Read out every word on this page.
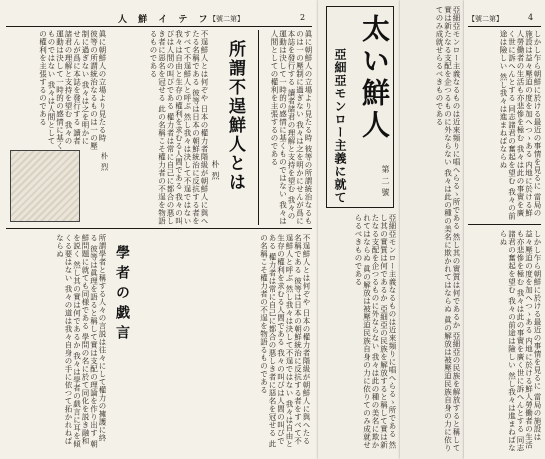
人 鮮 イ テ フ
【號二第】	2
眞に朝鮮人の立場より見たる時 彼等の所謂統治なるものは一の壓制に過ぎない 我々は之を明かにせんが爲に本誌を發行する 讀者諸君の理解と支持を望む 我々の運動は決して一時的の感情に基くものではない 我々は人間としての權利を主張するのである
所謂不逞鮮人とは
朴 烈
不逞鮮人とは何ぞや 日本の權力者階級が朝鮮人に與へたる名稱である 彼等は日本の朝鮮統治に反抗する者をすべて不逞鮮人と呼ぶ 然し我々は決して不逞ではない 我々は自由と生存の權利を求むる人間である 我々の叫びは人間の叫びである 權力者は常に自己に都合の悪しき者に惡名を冠せる 此の名稱こそ權力者の不逞を物語るものである
眞に朝鮮人の立場より見たる時 彼等の所謂統治なるものは一の壓制に過ぎない 我々は之を明かにせんが爲に本誌を發行する 讀者諸君の理解と支持を望む 我々の運動は決して一時的の感情に基くものではない 我々は人間としての權利を主張するのである
朴 烈
學者の戯言	不逞鮮人とは何ぞや 日本の權力者階級が朝鮮人に與へたる名稱である 彼等は日本の朝鮮統治に反抗する者をすべて不逞鮮人と呼ぶ 然し我々は決して不逞ではない 我々は自由と生存の權利を求むる人間である 我々の叫びは人間の叫びである 權力者は常に自己に都合の悪しき者に惡名を冠せる 此の名稱こそ權力者の不逞を物語るものである
所謂學者と稱する人々の言説は往々にして權力の擁護に終る 彼等は眞理を語ると稱して實は支配の理論を作り出す 朝鮮問題に就ても同様である 學問の名に於て同化を説き融和を説く 然し其の實は何であるか 我々は學者の戯言に耳を傾くる要はない 我々の道は我々自身の手に依つて拓かれねばならぬ
太い鮮人
亞細亞モンロー主義に就て	第 二 號
亞細亞モンロー主義なるものは近來頻りに唱へらるゝ所である 然し其の實質は何であるか 亞細亞の民族を解放すると稱して實は新たなる支配を企つるものに外ならない 我々は此の種の美名に欺かれてはならぬ 眞の解放は被壓迫民族自身の力に依りてのみ成就せらるべきものである	亞細亞モンロー主義なるものは近來頻りに唱へらるゝ所である 然し其の實質は何であるか 亞細亞の民族を解放すると稱して實は新たなる支配を企つるものに外ならない 我々は此の種の美名に欺かれてはならぬ 眞の解放は被壓迫民族自身の力に依りてのみ成就せらるべきものである	【號二第】	4
しかし乍ら朝鮮に於ける最近の事情を見るに 當局の施設は益々壓迫の度を加へつゝある 内地に於ける鮮人勞働者の生活も亦悲慘を極む 我々は此の事實を廣く世に訴へんとする 同志諸君の奮起を望む 我々の前途は險しい 然し我々は進まねばならぬ
しかし乍ら朝鮮に於ける最近の事情を見るに 當局の施設は益々壓迫の度を加へつゝある 内地に於ける鮮人勞働者の生活も亦悲慘を極む 我々は此の事實を廣く世に訴へんとする 同志諸君の奮起を望む 我々の前途は險しい 然し我々は進まねばならぬ
